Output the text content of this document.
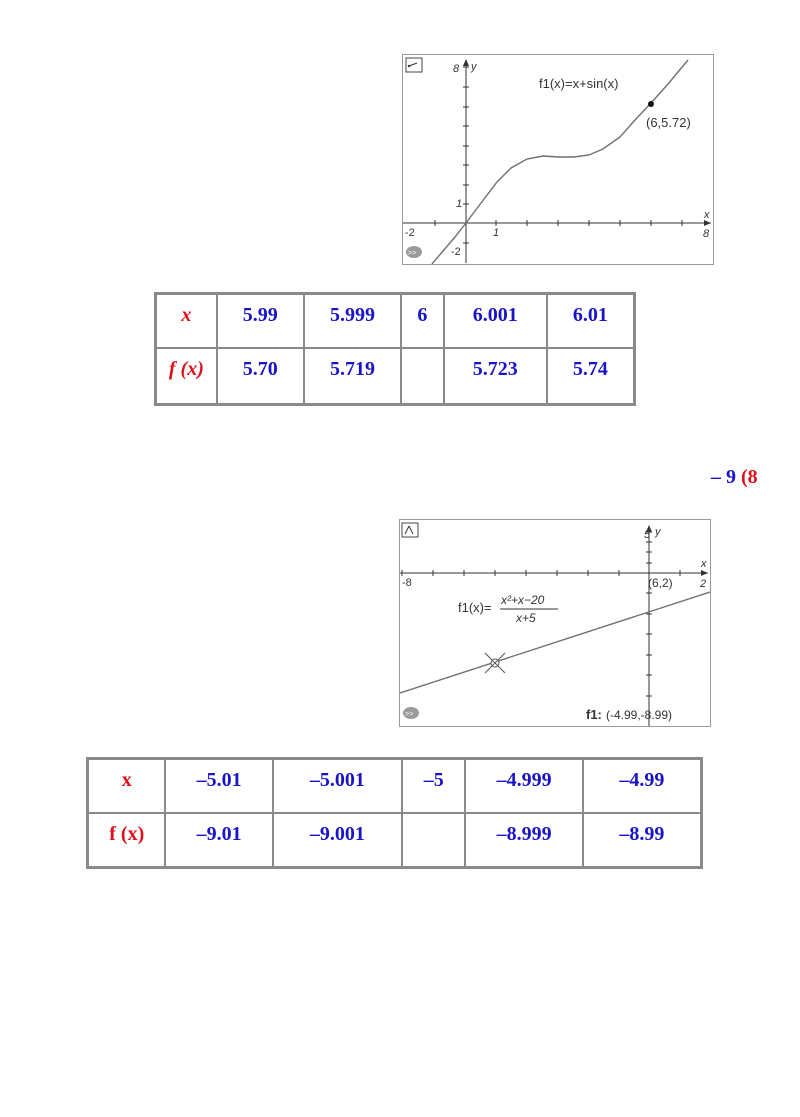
f1(x)=x+sin(x)
(6,5.72)
8 y
1
-2
-2	1	8
x
>>
x	5.99	5.999	6	6.001	6.01

f (x)	5.70	5.719		5.723	5.74
– 9 (8
5 y
-8	2
x
(6,2)
f1(x)= x²+x−20
x+5
f1: (-4.99,-8.99)
>>
x	–5.01	–5.001	–5	–4.999	–4.99

f (x)	–9.01	–9.001		–8.999	–8.99
